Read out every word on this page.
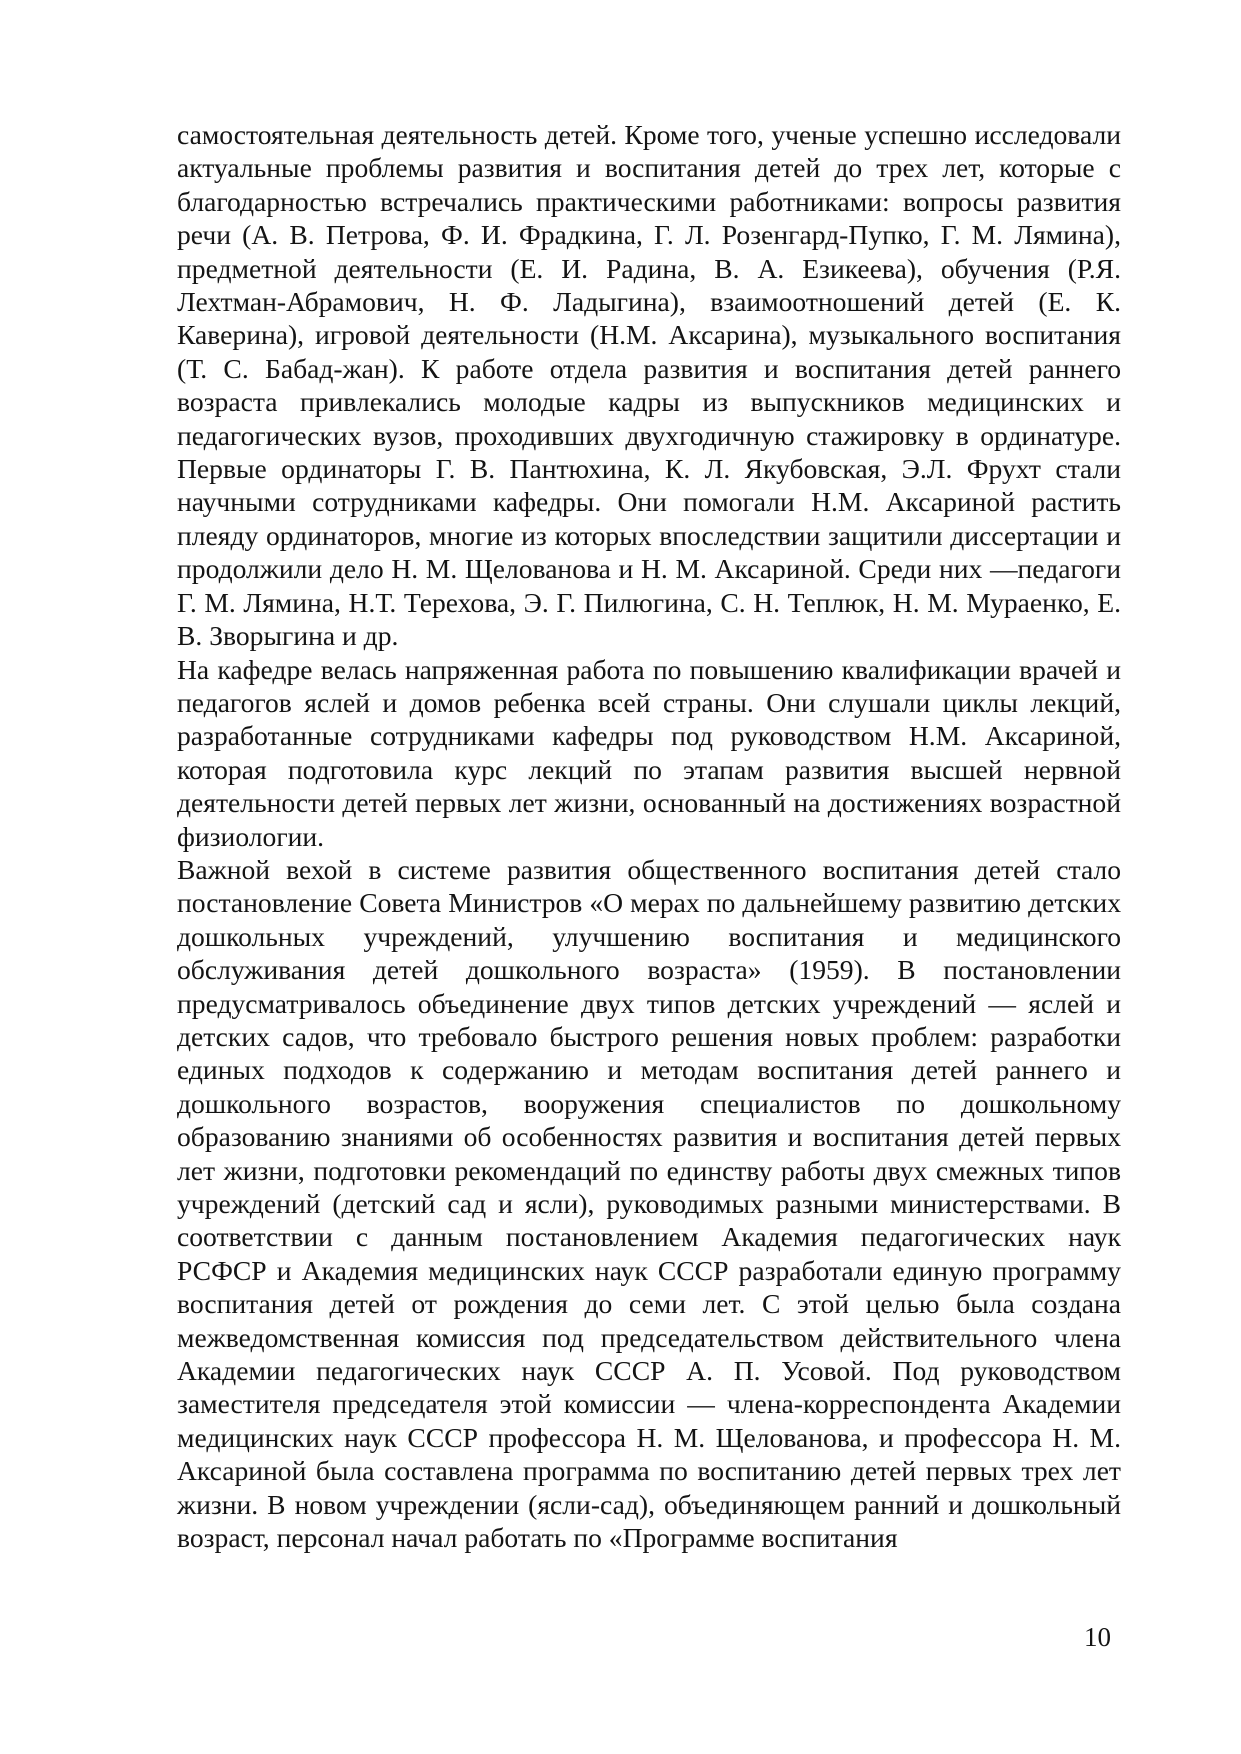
самостоятельная деятельность детей. Кроме того, ученые успешно исследовали актуальные проблемы развития и воспитания детей до трех лет, которые с благодарностью встречались практическими работниками: вопросы развития речи (А. В. Петрова, Ф. И. Фрадкина, Г. Л. Розенгард-Пупко, Г. М. Лямина), предметной деятельности (Е. И. Радина, В. А. Езикеева), обучения (Р.Я. Лехтман-Абрамович, Н. Ф. Ладыгина), взаимоотношений детей (Е. К. Каверина), игровой деятельности (Н.М. Аксарина), музыкального воспитания (Т. С. Бабад-жан). К работе отдела развития и воспитания детей раннего возраста привлекались молодые кадры из выпускников медицинских и педагогических вузов, проходивших двухгодичную стажировку в ординатуре. Первые ординаторы Г. В. Пантюхина, К. Л. Якубовская, Э.Л. Фрухт стали научными сотрудниками кафедры. Они помогали Н.М. Аксариной растить плеяду ординаторов, многие из которых впоследствии защитили диссертации и продолжили дело Н. М. Щелованова и Н. М. Аксариной. Среди них —педагоги Г. М. Лямина, Н.Т. Терехова, Э. Г. Пилюгина, С. Н. Теплюк, Н. М. Мураенко, Е. В. Зворыгина и др.

На кафедре велась напряженная работа по повышению квалификации врачей и педагогов яслей и домов ребенка всей страны. Они слушали циклы лекций, разработанные сотрудниками кафедры под руководством Н.М. Аксариной, которая подготовила курс лекций по этапам развития высшей нервной деятельности детей первых лет жизни, основанный на достижениях возрастной физиологии.

Важной вехой в системе развития общественного воспитания детей стало постановление Совета Министров «О мерах по дальнейшему развитию детских дошкольных учреждений, улучшению воспитания и медицинского обслуживания детей дошкольного возраста» (1959). В постановлении предусматривалось объединение двух типов детских учреждений — яслей и детских садов, что требовало быстрого решения новых проблем: разработки единых подходов к содержанию и методам воспитания детей раннего и дошкольного возрастов, вооружения специалистов по дошкольному образованию знаниями об особенностях развития и воспитания детей первых лет жизни, подготовки рекомендаций по единству работы двух смежных типов учреждений (детский сад и ясли), руководимых разными министерствами. В соответствии с данным постановлением Академия педагогических наук РСФСР и Академия медицинских наук СССР разработали единую программу воспитания детей от рождения до семи лет. С этой целью была создана межведомственная комиссия под председательством действительного члена Академии педагогических наук СССР А. П. Усовой. Под руководством заместителя председателя этой комиссии — члена-корреспондента Академии медицинских наук СССР профессора Н. М. Щелованова, и профессора Н. М. Аксариной была составлена программа по воспитанию детей первых трех лет жизни. В новом учреждении (ясли-сад), объединяющем ранний и дошкольный возраст, персонал начал работать по «Программе воспитания

10
